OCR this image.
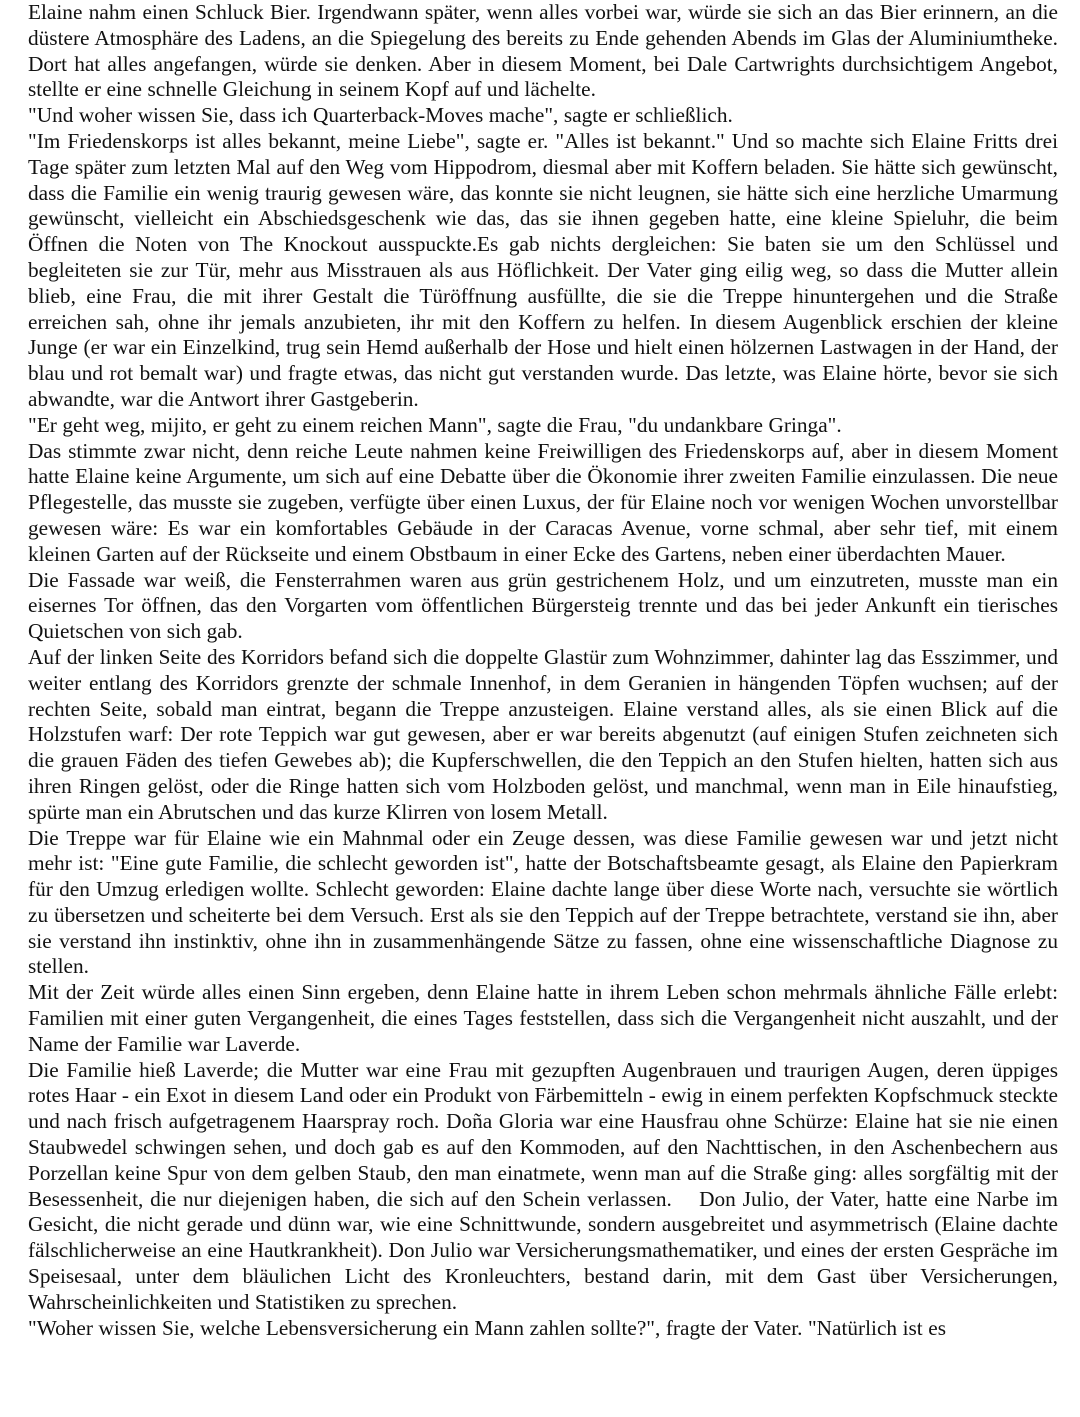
Elaine nahm einen Schluck Bier. Irgendwann später, wenn alles vorbei war, würde sie sich an das Bier erinnern, an die düstere Atmosphäre des Ladens, an die Spiegelung des bereits zu Ende gehenden Abends im Glas der Aluminiumtheke. Dort hat alles angefangen, würde sie denken. Aber in diesem Moment, bei Dale Cartwrights durchsichtigem Angebot, stellte er eine schnelle Gleichung in seinem Kopf auf und lächelte.

"Und woher wissen Sie, dass ich Quarterback-Moves mache", sagte er schließlich.

"Im Friedenskorps ist alles bekannt, meine Liebe", sagte er. "Alles ist bekannt." Und so machte sich Elaine Fritts drei Tage später zum letzten Mal auf den Weg vom Hippodrom, diesmal aber mit Koffern beladen. Sie hätte sich gewünscht, dass die Familie ein wenig traurig gewesen wäre, das konnte sie nicht leugnen, sie hätte sich eine herzliche Umarmung gewünscht, vielleicht ein Abschiedsgeschenk wie das, das sie ihnen gegeben hatte, eine kleine Spieluhr, die beim Öffnen die Noten von The Knockout ausspuckte.Es gab nichts dergleichen: Sie baten sie um den Schlüssel und begleiteten sie zur Tür, mehr aus Misstrauen als aus Höflichkeit. Der Vater ging eilig weg, so dass die Mutter allein blieb, eine Frau, die mit ihrer Gestalt die Türöffnung ausfüllte, die sie die Treppe hinuntergehen und die Straße erreichen sah, ohne ihr jemals anzubieten, ihr mit den Koffern zu helfen. In diesem Augenblick erschien der kleine Junge (er war ein Einzelkind, trug sein Hemd außerhalb der Hose und hielt einen hölzernen Lastwagen in der Hand, der blau und rot bemalt war) und fragte etwas, das nicht gut verstanden wurde. Das letzte, was Elaine hörte, bevor sie sich abwandte, war die Antwort ihrer Gastgeberin.

"Er geht weg, mijito, er geht zu einem reichen Mann", sagte die Frau, "du undankbare Gringa".

Das stimmte zwar nicht, denn reiche Leute nahmen keine Freiwilligen des Friedenskorps auf, aber in diesem Moment hatte Elaine keine Argumente, um sich auf eine Debatte über die Ökonomie ihrer zweiten Familie einzulassen. Die neue Pflegestelle, das musste sie zugeben, verfügte über einen Luxus, der für Elaine noch vor wenigen Wochen unvorstellbar gewesen wäre: Es war ein komfortables Gebäude in der Caracas Avenue, vorne schmal, aber sehr tief, mit einem kleinen Garten auf der Rückseite und einem Obstbaum in einer Ecke des Gartens, neben einer überdachten Mauer.

Die Fassade war weiß, die Fensterrahmen waren aus grün gestrichenem Holz, und um einzutreten, musste man ein eisernes Tor öffnen, das den Vorgarten vom öffentlichen Bürgersteig trennte und das bei jeder Ankunft ein tierisches Quietschen von sich gab.

Auf der linken Seite des Korridors befand sich die doppelte Glastür zum Wohnzimmer, dahinter lag das Esszimmer, und weiter entlang des Korridors grenzte der schmale Innenhof, in dem Geranien in hängenden Töpfen wuchsen; auf der rechten Seite, sobald man eintrat, begann die Treppe anzusteigen. Elaine verstand alles, als sie einen Blick auf die Holzstufen warf: Der rote Teppich war gut gewesen, aber er war bereits abgenutzt (auf einigen Stufen zeichneten sich die grauen Fäden des tiefen Gewebes ab); die Kupferschwellen, die den Teppich an den Stufen hielten, hatten sich aus ihren Ringen gelöst, oder die Ringe hatten sich vom Holzboden gelöst, und manchmal, wenn man in Eile hinaufstieg, spürte man ein Abrutschen und das kurze Klirren von losem Metall.

Die Treppe war für Elaine wie ein Mahnmal oder ein Zeuge dessen, was diese Familie gewesen war und jetzt nicht mehr ist: "Eine gute Familie, die schlecht geworden ist", hatte der Botschaftsbeamte gesagt, als Elaine den Papierkram für den Umzug erledigen wollte. Schlecht geworden: Elaine dachte lange über diese Worte nach, versuchte sie wörtlich zu übersetzen und scheiterte bei dem Versuch. Erst als sie den Teppich auf der Treppe betrachtete, verstand sie ihn, aber sie verstand ihn instinktiv, ohne ihn in zusammenhängende Sätze zu fassen, ohne eine wissenschaftliche Diagnose zu stellen.

Mit der Zeit würde alles einen Sinn ergeben, denn Elaine hatte in ihrem Leben schon mehrmals ähnliche Fälle erlebt: Familien mit einer guten Vergangenheit, die eines Tages feststellen, dass sich die Vergangenheit nicht auszahlt, und der Name der Familie war Laverde.

Die Familie hieß Laverde; die Mutter war eine Frau mit gezupften Augenbrauen und traurigen Augen, deren üppiges rotes Haar - ein Exot in diesem Land oder ein Produkt von Färbemitteln - ewig in einem perfekten Kopfschmuck steckte und nach frisch aufgetragenem Haarspray roch. Doña Gloria war eine Hausfrau ohne Schürze: Elaine hat sie nie einen Staubwedel schwingen sehen, und doch gab es auf den Kommoden, auf den Nachttischen, in den Aschenbechern aus Porzellan keine Spur von dem gelben Staub, den man einatmete, wenn man auf die Straße ging: alles sorgfältig mit der Besessenheit, die nur diejenigen haben, die sich auf den Schein verlassen.    Don Julio, der Vater, hatte eine Narbe im Gesicht, die nicht gerade und dünn war, wie eine Schnittwunde, sondern ausgebreitet und asymmetrisch (Elaine dachte fälschlicherweise an eine Hautkrankheit). Don Julio war Versicherungsmathematiker, und eines der ersten Gespräche im Speisesaal, unter dem bläulichen Licht des Kronleuchters, bestand darin, mit dem Gast über Versicherungen, Wahrscheinlichkeiten und Statistiken zu sprechen.

"Woher wissen Sie, welche Lebensversicherung ein Mann zahlen sollte?", fragte der Vater. "Natürlich ist es
